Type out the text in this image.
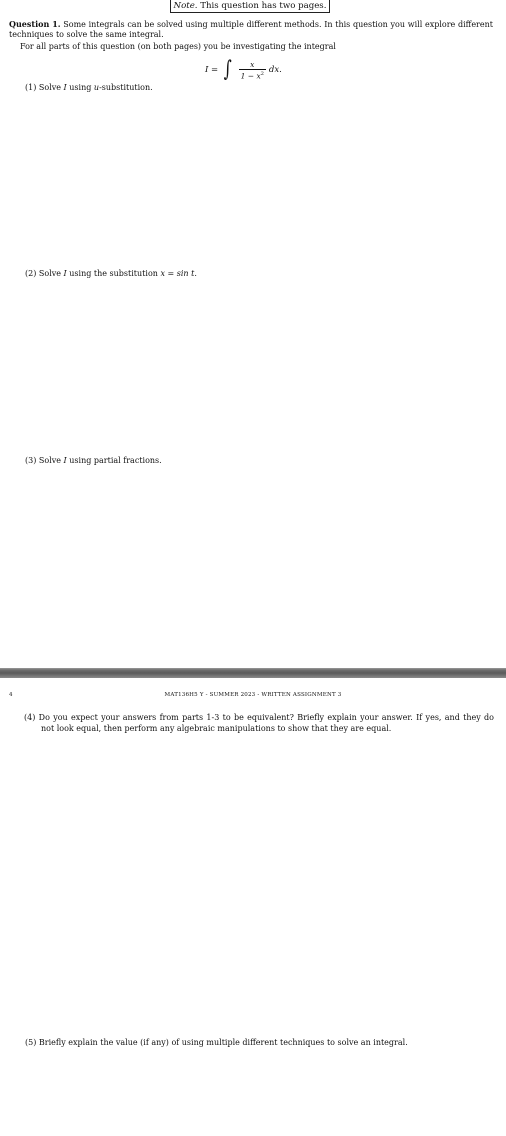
Note. This question has two pages.
Question 1. Some integrals can be solved using multiple different methods. In this question you will explore different techniques to solve the same integral.
For all parts of this question (on both pages) you be investigating the integral
I = ∫ $\frac{x}{1 - x^2}$ dx.
(1) Solve I using u-substitution.
(2) Solve I using the substitution x = sin t.
(3) Solve I using partial fractions.
4	MAT136H5 Y - SUMMER 2023 - WRITTEN ASSIGNMENT 3
(4) Do you expect your answers from parts 1-3 to be equivalent? Briefly explain your answer. If yes, and they do not look equal, then perform any algebraic manipulations to show that they are equal.
(5) Briefly explain the value (if any) of using multiple different techniques to solve an integral.
